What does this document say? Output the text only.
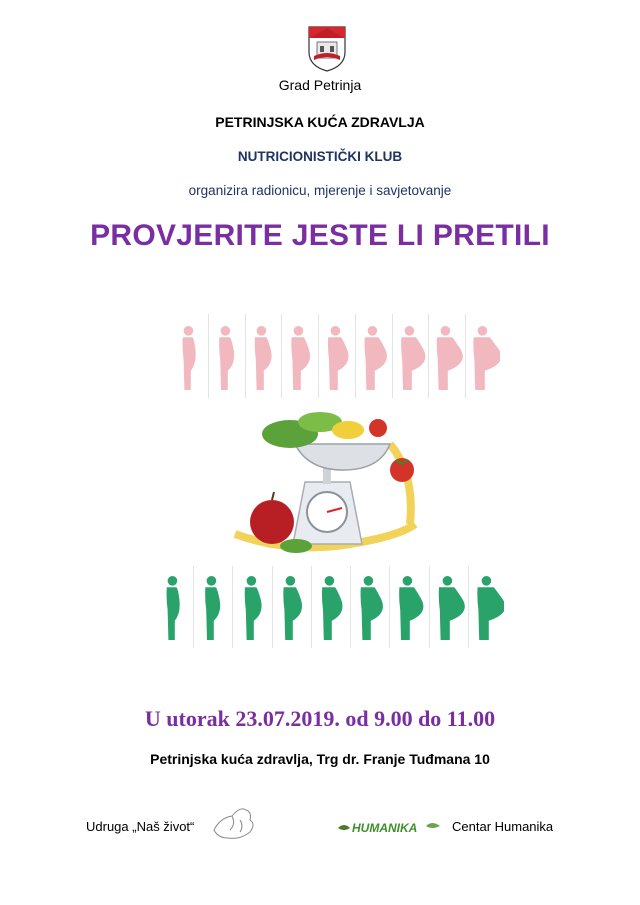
Grad Petrinja
PETRINJSKA KUĆA ZDRAVLJA
NUTRICIONISTIČKI KLUB
organizira radionicu, mjerenje i savjetovanje
PROVJERITE JESTE LI PRETILI
U utorak 23.07.2019. od 9.00 do 11.00
Petrinjska kuća zdravlja, Trg dr. Franje Tuđmana 10
Udruga „Naš život“	HUMANIKA	Centar Humanika
